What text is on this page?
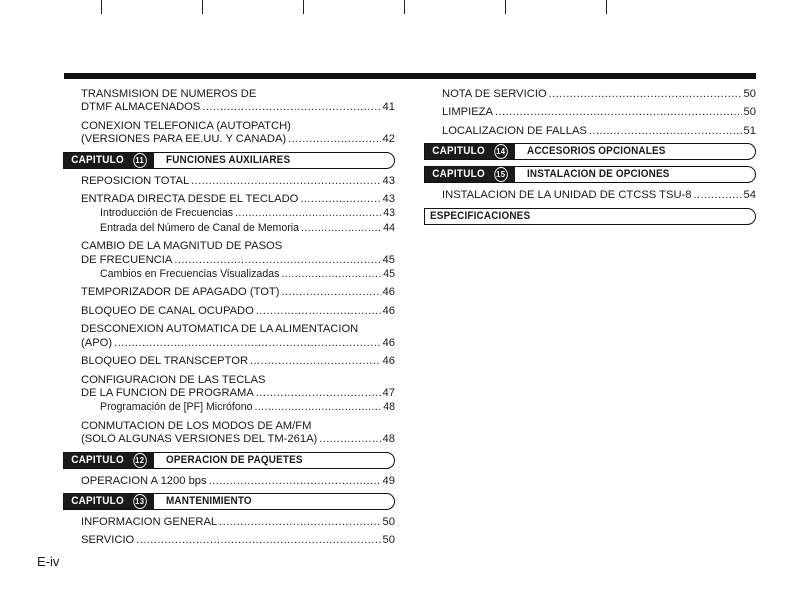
TRANSMISION DE NUMEROS DE
DTMF ALMACENADOS .....	41
CONEXION TELEFONICA (AUTOPATCH)
(VERSIONES PARA EE.UU. Y CANADA) .....	42
CAPITULO 11	FUNCIONES AUXILIARES
REPOSICION TOTAL .....	43
ENTRADA DIRECTA DESDE EL TECLADO .....	43
Introducción de Frecuencias .....	43
Entrada del Número de Canal de Memoria .....	44
CAMBIO DE LA MAGNITUD DE PASOS
DE FRECUENCIA .....	45
Cambios en Frecuencias Visualizadas .....	45
TEMPORIZADOR DE APAGADO (TOT) .....	46
BLOQUEO DE CANAL OCUPADO .....	46
DESCONEXION AUTOMATICA DE LA ALIMENTACION
(APO) .....	46
BLOQUEO DEL TRANSCEPTOR .....	46
CONFIGURACION DE LAS TECLAS
DE LA FUNCION DE PROGRAMA .....	47
Programación de [PF] Micrófono .....	48
CONMUTACION DE LOS MODOS DE AM/FM
(SOLO ALGUNAS VERSIONES DEL TM-261A) .....	48
CAPITULO 12	OPERACION DE PAQUETES
OPERACION A 1200 bps .....	49
CAPITULO 13	MANTENIMIENTO
INFORMACION GENERAL .....	50
SERVICIO .....	50
NOTA DE SERVICIO .....	50
LIMPIEZA .....	50
LOCALIZACION DE FALLAS .....	51
CAPITULO 14	ACCESORIOS OPCIONALES
CAPITULO 15	INSTALACION DE OPCIONES
INSTALACION DE LA UNIDAD DE CTCSS TSU-8 .....	54
ESPECIFICACIONES
E-iv
